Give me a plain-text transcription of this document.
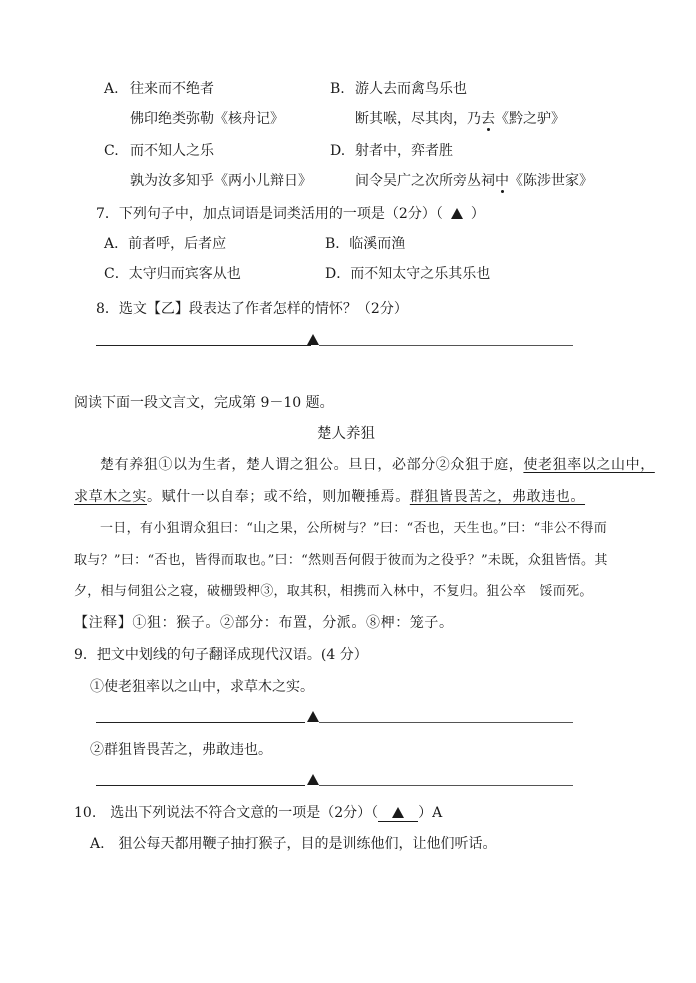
A. 往来而不绝者	B. 游人去而禽鸟乐也
佛印绝类弥勒《核舟记》	断其喉，尽其肉，乃去《黔之驴》
C. 而不知人之乐	D. 射者中，弈者胜
孰为汝多知乎《两小儿辩日》	间令吴广之次所旁丛祠中《陈涉世家》
7．下列句子中，加点词语是词类活用的一项是（2分）（ ）
A．前者呼，后者应	B．临溪而渔
C．太守归而宾客从也	D．而不知太守之乐其乐也
8．选文【乙】段表达了作者怎样的情怀？（2分）
阅读下面一段文言文，完成第 9－10 题。
楚人养狙
楚有养狙①以为生者，楚人谓之狙公。旦日，必部分②众狙于庭，使老狙率以之山中，
求草木之实。赋什一以自奉；或不给，则加鞭捶焉。群狙皆畏苦之，弗敢违也。
一日，有小狙谓众狙曰：“山之果，公所树与？”曰：“否也，天生也。”曰：“非公不得而
取与？”曰：“否也，皆得而取也。”曰：“然则吾何假于彼而为之役乎？”未既，众狙皆悟。其
夕，相与伺狙公之寝，破栅毁柙③，取其积，相携而入林中，不复归。狙公卒　馁而死。
【注释】①狙：猴子。②部分：布置，分派。⑧柙：笼子。
9．把文中划线的句子翻译成现代汉语。(4 分）
①使老狙率以之山中，求草木之实。
②群狙皆畏苦之，弗敢违也。
10.　选出下列说法不符合文意的一项是（2分）（	）A
A.　狙公每天都用鞭子抽打猴子，目的是训练他们，让他们听话。
